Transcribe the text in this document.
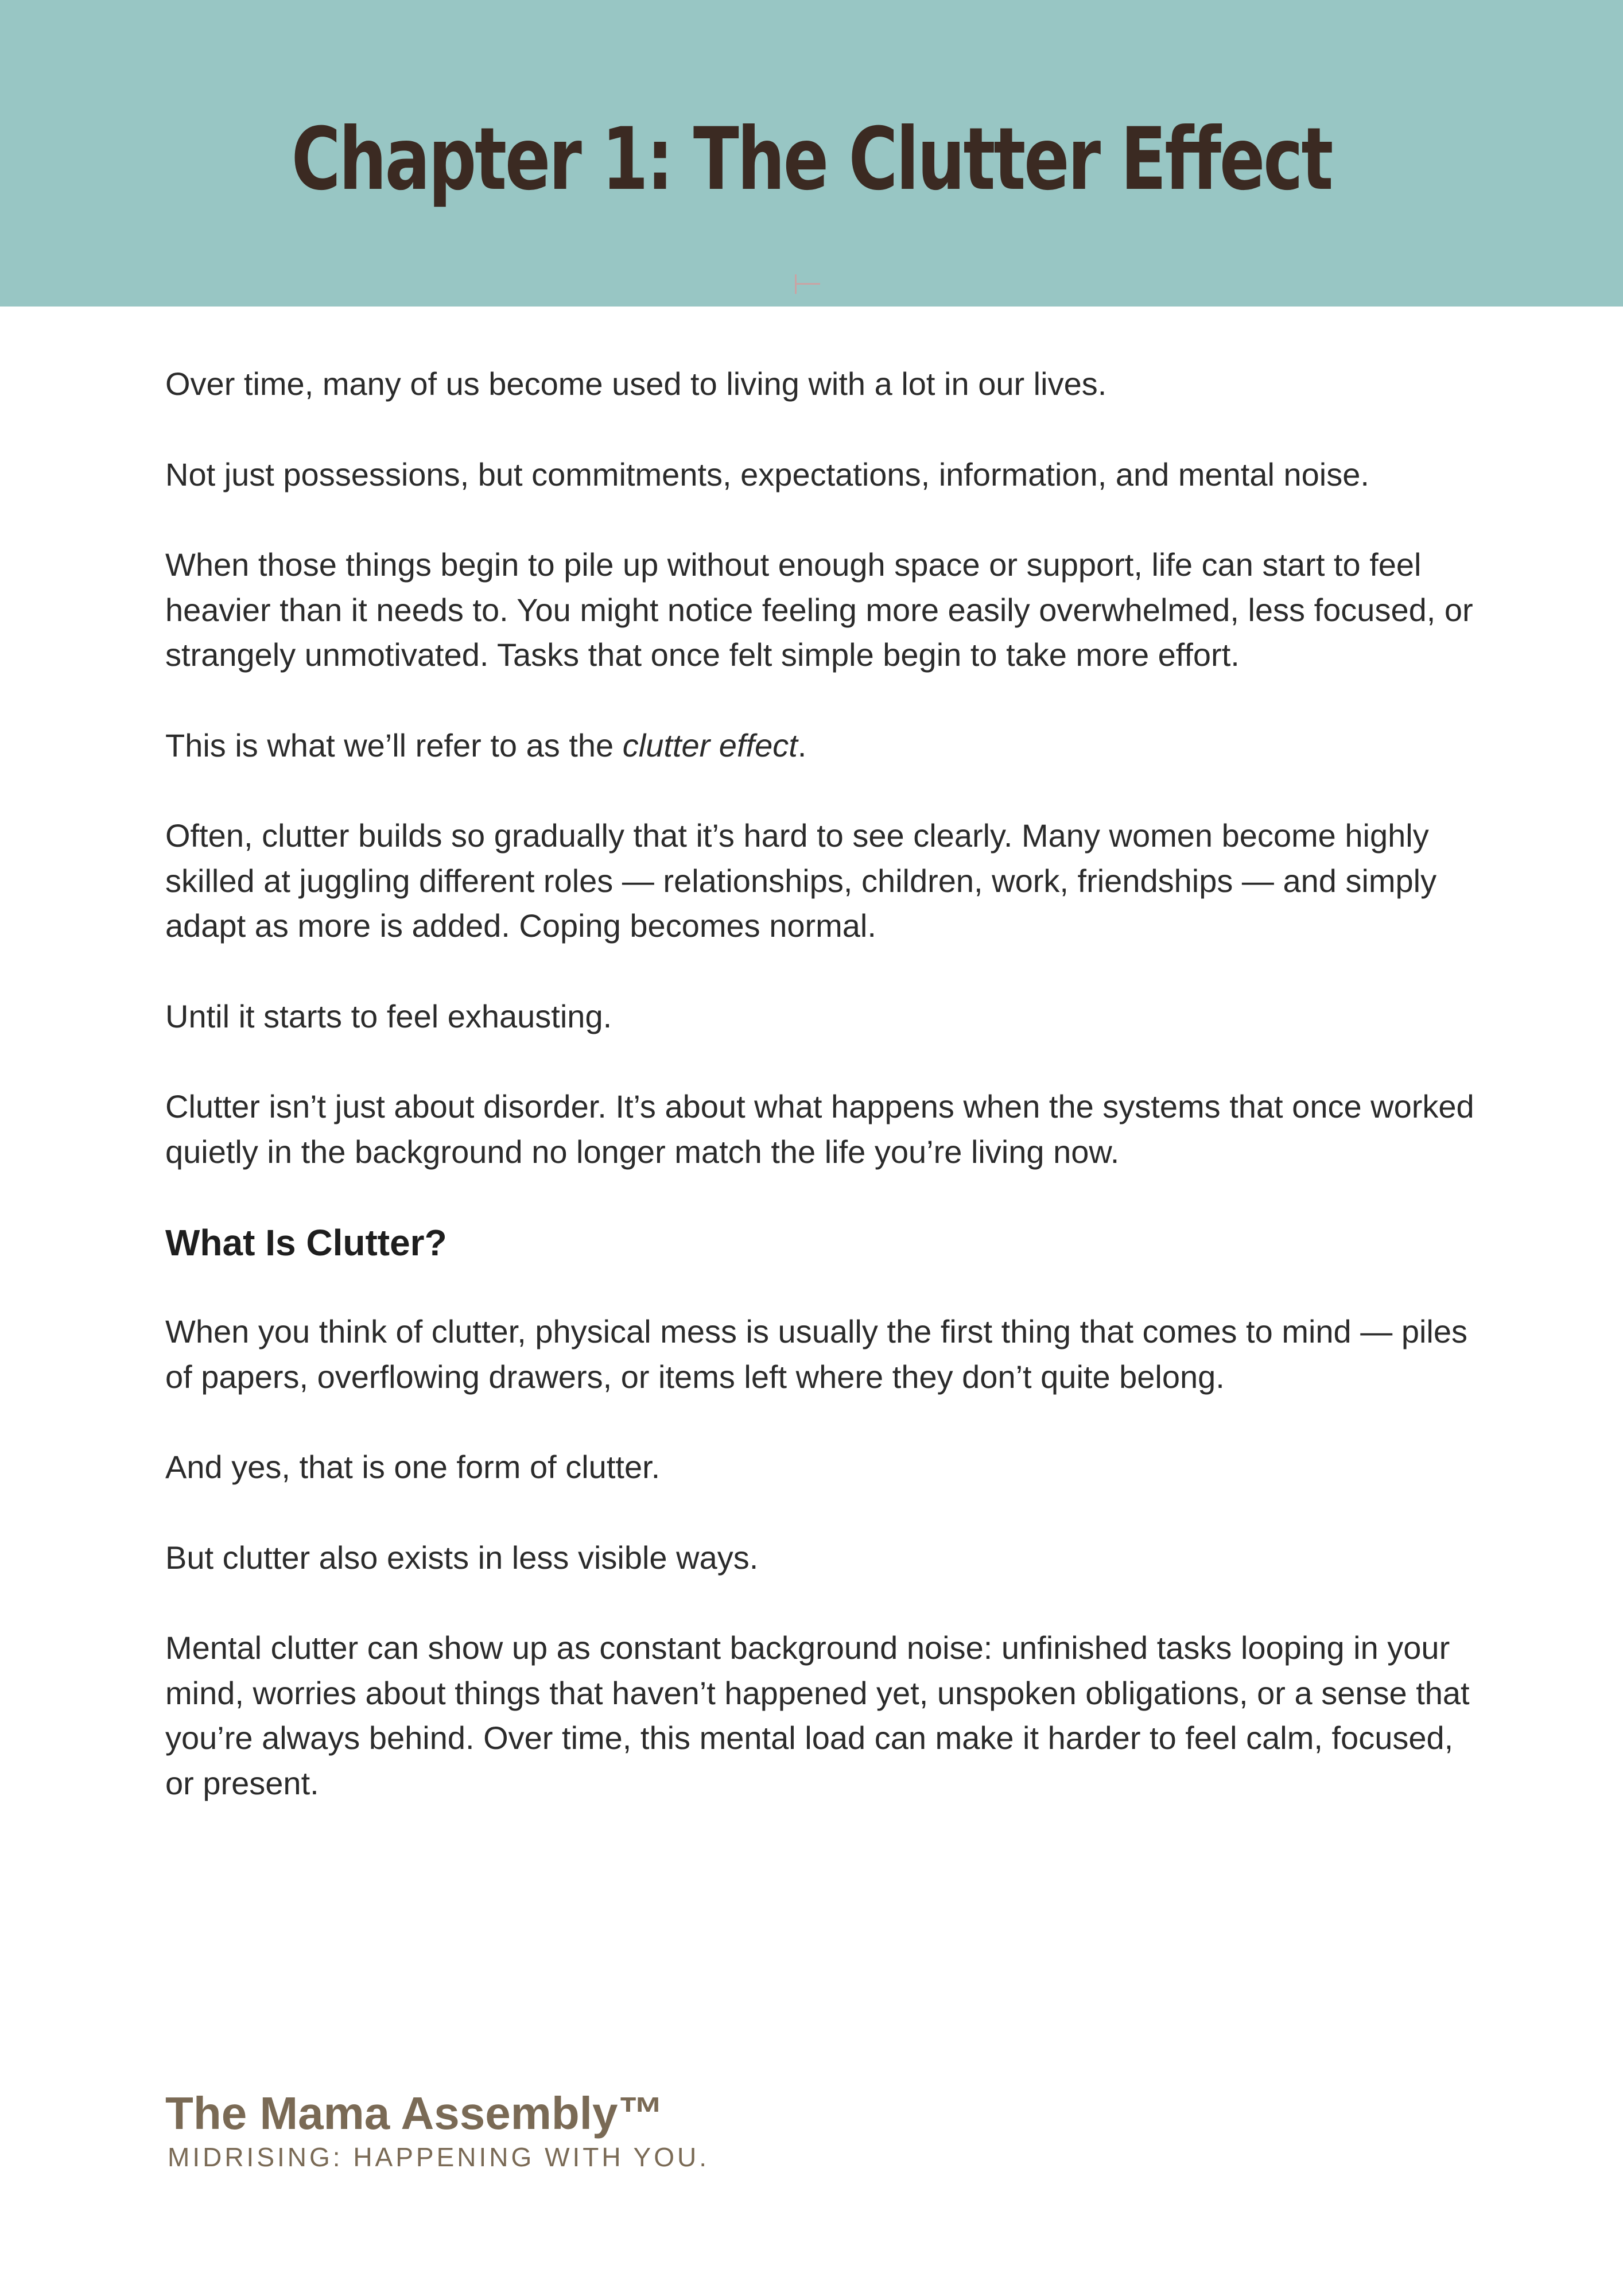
Chapter 1: The Clutter Effect

Over time, many of us become used to living with a lot in our lives.

Not just possessions, but commitments, expectations, information, and mental noise.

When those things begin to pile up without enough space or support, life can start to feel heavier than it needs to. You might notice feeling more easily overwhelmed, less focused, or strangely unmotivated. Tasks that once felt simple begin to take more effort.

This is what we’ll refer to as the clutter effect.

Often, clutter builds so gradually that it’s hard to see clearly. Many women become highly skilled at juggling different roles — relationships, children, work, friendships — and simply adapt as more is added. Coping becomes normal.

Until it starts to feel exhausting.

Clutter isn’t just about disorder. It’s about what happens when the systems that once worked quietly in the background no longer match the life you’re living now.

What Is Clutter?

When you think of clutter, physical mess is usually the first thing that comes to mind — piles of papers, overflowing drawers, or items left where they don’t quite belong.

And yes, that is one form of clutter.

But clutter also exists in less visible ways.

Mental clutter can show up as constant background noise: unfinished tasks looping in your mind, worries about things that haven’t happened yet, unspoken obligations, or a sense that you’re always behind. Over time, this mental load can make it harder to feel calm, focused, or present.

The Mama Assembly™
MIDRISING: HAPPENING WITH YOU.
